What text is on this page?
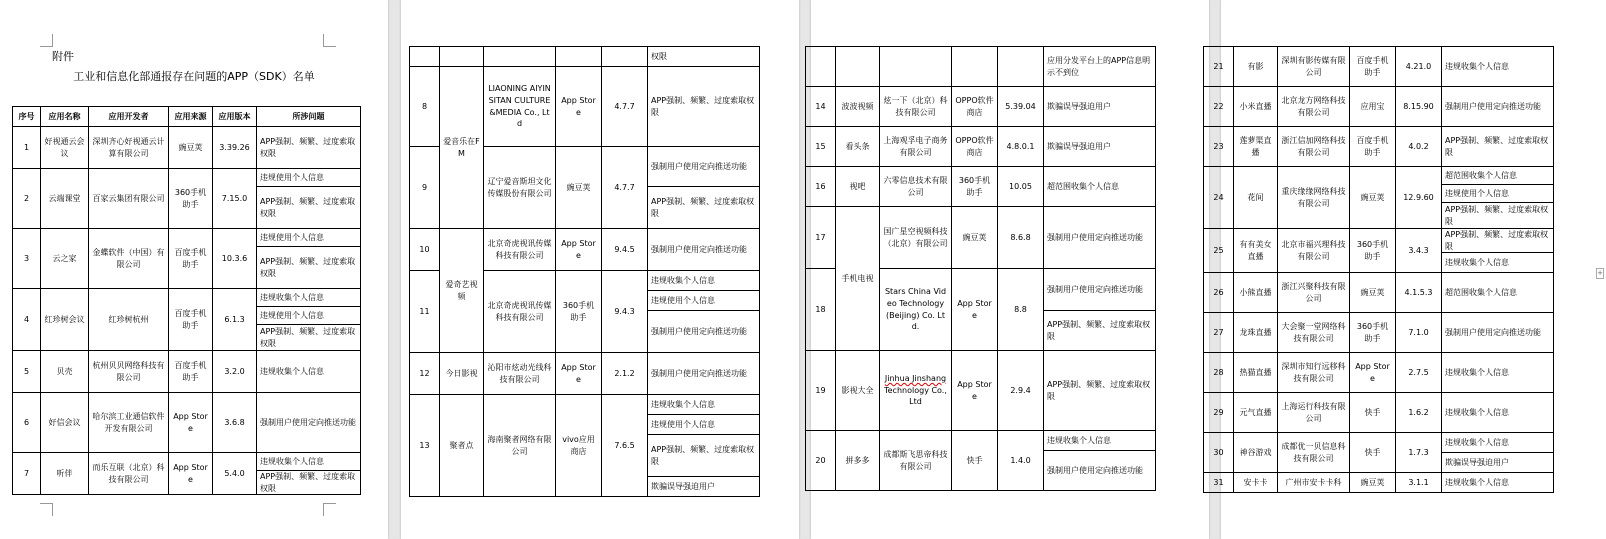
附件
工业和信息化部通报存在问题的APP（SDK）名单
序号	应用名称	应用开发者	应用来源	应用版本	所涉问题
1	好视通云会议	深圳齐心好视通云计算有限公司	豌豆荚	3.39.26	APP强制、频繁、过度索取权限
2	云端课堂	百家云集团有限公司	360手机助手	7.15.0	违规使用个人信息
					APP强制、频繁、过度索取权限
3	云之家	金蝶软件（中国）有限公司	百度手机助手	10.3.6	违规使用个人信息
					APP强制、频繁、过度索取权限
4	红珍树会议	红珍树杭州	百度手机助手	6.1.3	违规收集个人信息
					违规使用个人信息
					APP强制、频繁、过度索取权限
5	贝壳	杭州贝贝网络科技有限公司	百度手机助手	3.2.0	违规收集个人信息
6	好信会议	哈尔滨工业通信软件开发有限公司	App Store	3.6.8	强制用户使用定向推送功能
7	听伴	而乐互联（北京）科技有限公司	App Store	5.4.0	违规收集个人信息
					APP强制、频繁、过度索取权限
					权限
8	爱音乐在FM	LIAONING AIYINSITAN CULTURE&MEDIA Co., Ltd	App Store	4.7.7	APP强制、频繁、过度索取权限
9		辽宁爱音斯坦文化传媒股份有限公司	豌豆荚	4.7.7	强制用户使用定向推送功能
					APP强制、频繁、过度索取权限
10	爱奇艺视频	北京奇虎视讯传媒科技有限公司	App Store	9.4.5	强制用户使用定向推送功能
11		北京奇虎视讯传媒科技有限公司	360手机助手	9.4.3	违规收集个人信息
					违规使用个人信息
					强制用户使用定向推送功能
12	今日影视	沁阳市炫动光线科技有限公司	App Store	2.1.2	强制用户使用定向推送功能
13	聚者点	海南聚者网络有限公司	vivo应用商店	7.6.5	违规收集个人信息
					违规使用个人信息
					APP强制、频繁、过度索取权限
					欺骗误导强迫用户
					应用分发平台上的APP信息明示不到位
14	波波视频	炫一下（北京）科技有限公司	OPPO软件商店	5.39.04	欺骗误导强迫用户
15	看头条	上海观孚电子商务有限公司	OPPO软件商店	4.8.0.1	欺骗误导强迫用户
16	视吧	六零信息技术有限公司	360手机助手	10.05	超范围收集个人信息
17	手机电视	国广星空视频科技（北京）有限公司	豌豆荚	8.6.8	强制用户使用定向推送功能
18		Stars China Video Technology(Beijing) Co. Ltd.	App Store	8.8	强制用户使用定向推送功能
					APP强制、频繁、过度索取权限
19	影视大全	Jinhua Jinshang Technology Co., Ltd	App Store	2.9.4	APP强制、频繁、过度索取权限
20	拼多多	成都斯飞思帝科技有限公司	快手	1.4.0	违规收集个人信息
					强制用户使用定向推送功能
+
21	有影	深圳有影传媒有限公司	百度手机助手	4.21.0	违规收集个人信息
22	小米直播	北京龙方网络科技有限公司	应用宝	8.15.90	强制用户使用定向推送功能
23	莲萝渠直播	浙江信加网络科技有限公司	百度手机助手	4.0.2	APP强制、频繁、过度索取权限
24	花间	重庆缘缘网络科技有限公司	豌豆荚	12.9.60	超范围收集个人信息
					违规使用个人信息
					APP强制、频繁、过度索取权限
25	有有美女直播	北京市福兴理科技有限公司	360手机助手	3.4.3	APP强制、频繁、过度索取权限
					违规收集个人信息
26	小熊直播	浙江兴聚科技有限公司	豌豆荚	4.1.5.3	超范围收集个人信息
27	龙珠直播	大会聚一堂网络科技有限公司	360手机助手	7.1.0	强制用户使用定向推送功能
28	热猫直播	深圳市知行远移科技有限公司	App Store	2.7.5	违规收集个人信息
29	元气直播	上海运行科技有限公司	快手	1.6.2	违规收集个人信息
30	神谷游戏	成都优一贝信息科技有限公司	快手	1.7.3	违规收集个人信息
					欺骗误导强迫用户
31	安卡卡	广州市安卡卡科	豌豆荚	3.1.1	违规收集个人信息
